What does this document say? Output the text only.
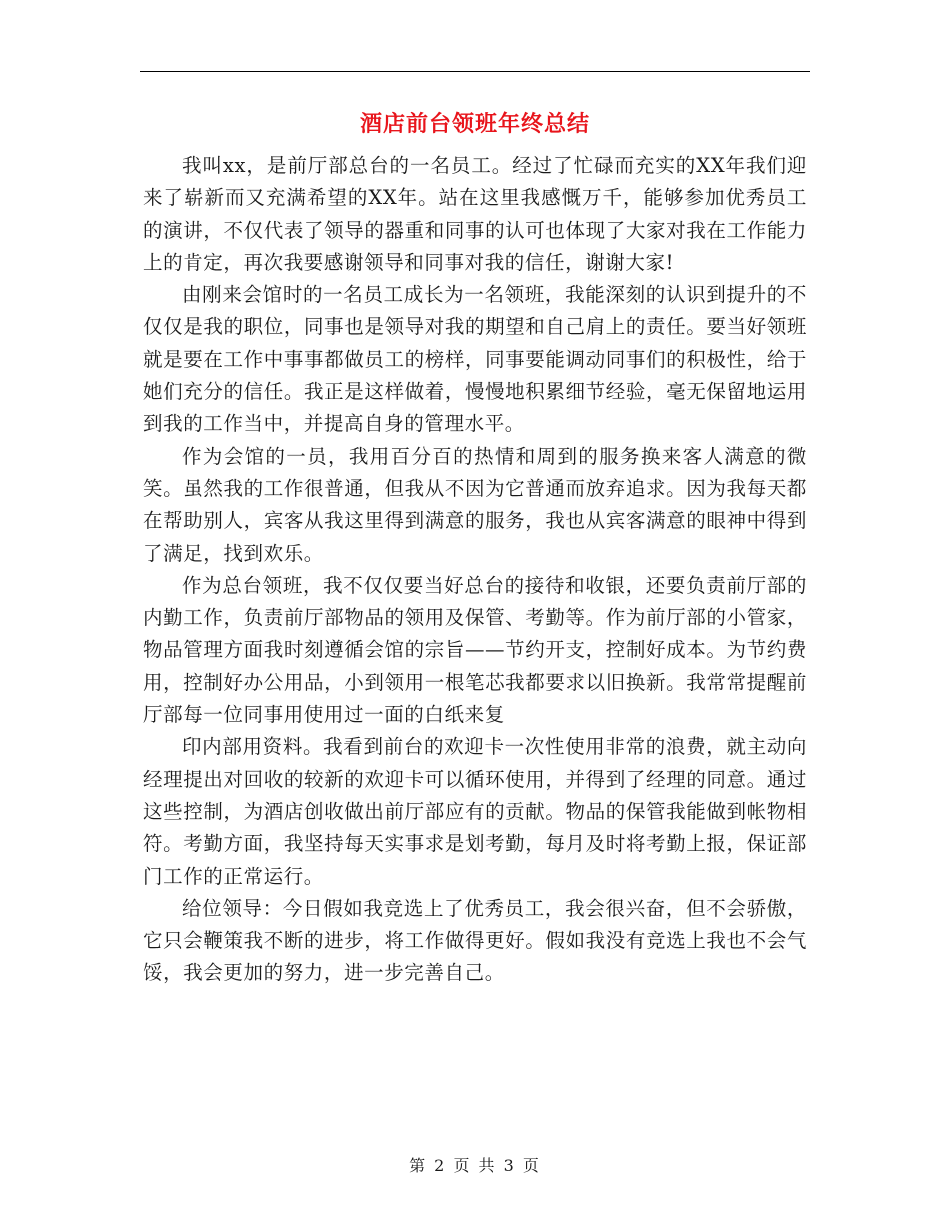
酒店前台领班年终总结

我叫xx，是前厅部总台的一名员工。经过了忙碌而充实的XX年我们迎来了崭新而又充满希望的XX年。站在这里我感慨万千，能够参加优秀员工的演讲，不仅代表了领导的器重和同事的认可也体现了大家对我在工作能力上的肯定，再次我要感谢领导和同事对我的信任，谢谢大家!

由刚来会馆时的一名员工成长为一名领班，我能深刻的认识到提升的不仅仅是我的职位，同事也是领导对我的期望和自己肩上的责任。要当好领班就是要在工作中事事都做员工的榜样，同事要能调动同事们的积极性，给于她们充分的信任。我正是这样做着，慢慢地积累细节经验，毫无保留地运用到我的工作当中，并提高自身的管理水平。

作为会馆的一员，我用百分百的热情和周到的服务换来客人满意的微笑。虽然我的工作很普通，但我从不因为它普通而放弃追求。因为我每天都在帮助别人，宾客从我这里得到满意的服务，我也从宾客满意的眼神中得到了满足，找到欢乐。

作为总台领班，我不仅仅要当好总台的接待和收银，还要负责前厅部的内勤工作，负责前厅部物品的领用及保管、考勤等。作为前厅部的小管家，物品管理方面我时刻遵循会馆的宗旨——节约开支，控制好成本。为节约费用，控制好办公用品，小到领用一根笔芯我都要求以旧换新。我常常提醒前厅部每一位同事用使用过一面的白纸来复

印内部用资料。我看到前台的欢迎卡一次性使用非常的浪费，就主动向经理提出对回收的较新的欢迎卡可以循环使用，并得到了经理的同意。通过这些控制，为酒店创收做出前厅部应有的贡献。物品的保管我能做到帐物相符。考勤方面，我坚持每天实事求是划考勤，每月及时将考勤上报，保证部门工作的正常运行。

给位领导：今日假如我竞选上了优秀员工，我会很兴奋，但不会骄傲，它只会鞭策我不断的进步，将工作做得更好。假如我没有竞选上我也不会气馁，我会更加的努力，进一步完善自己。

第 2 页 共 3 页
